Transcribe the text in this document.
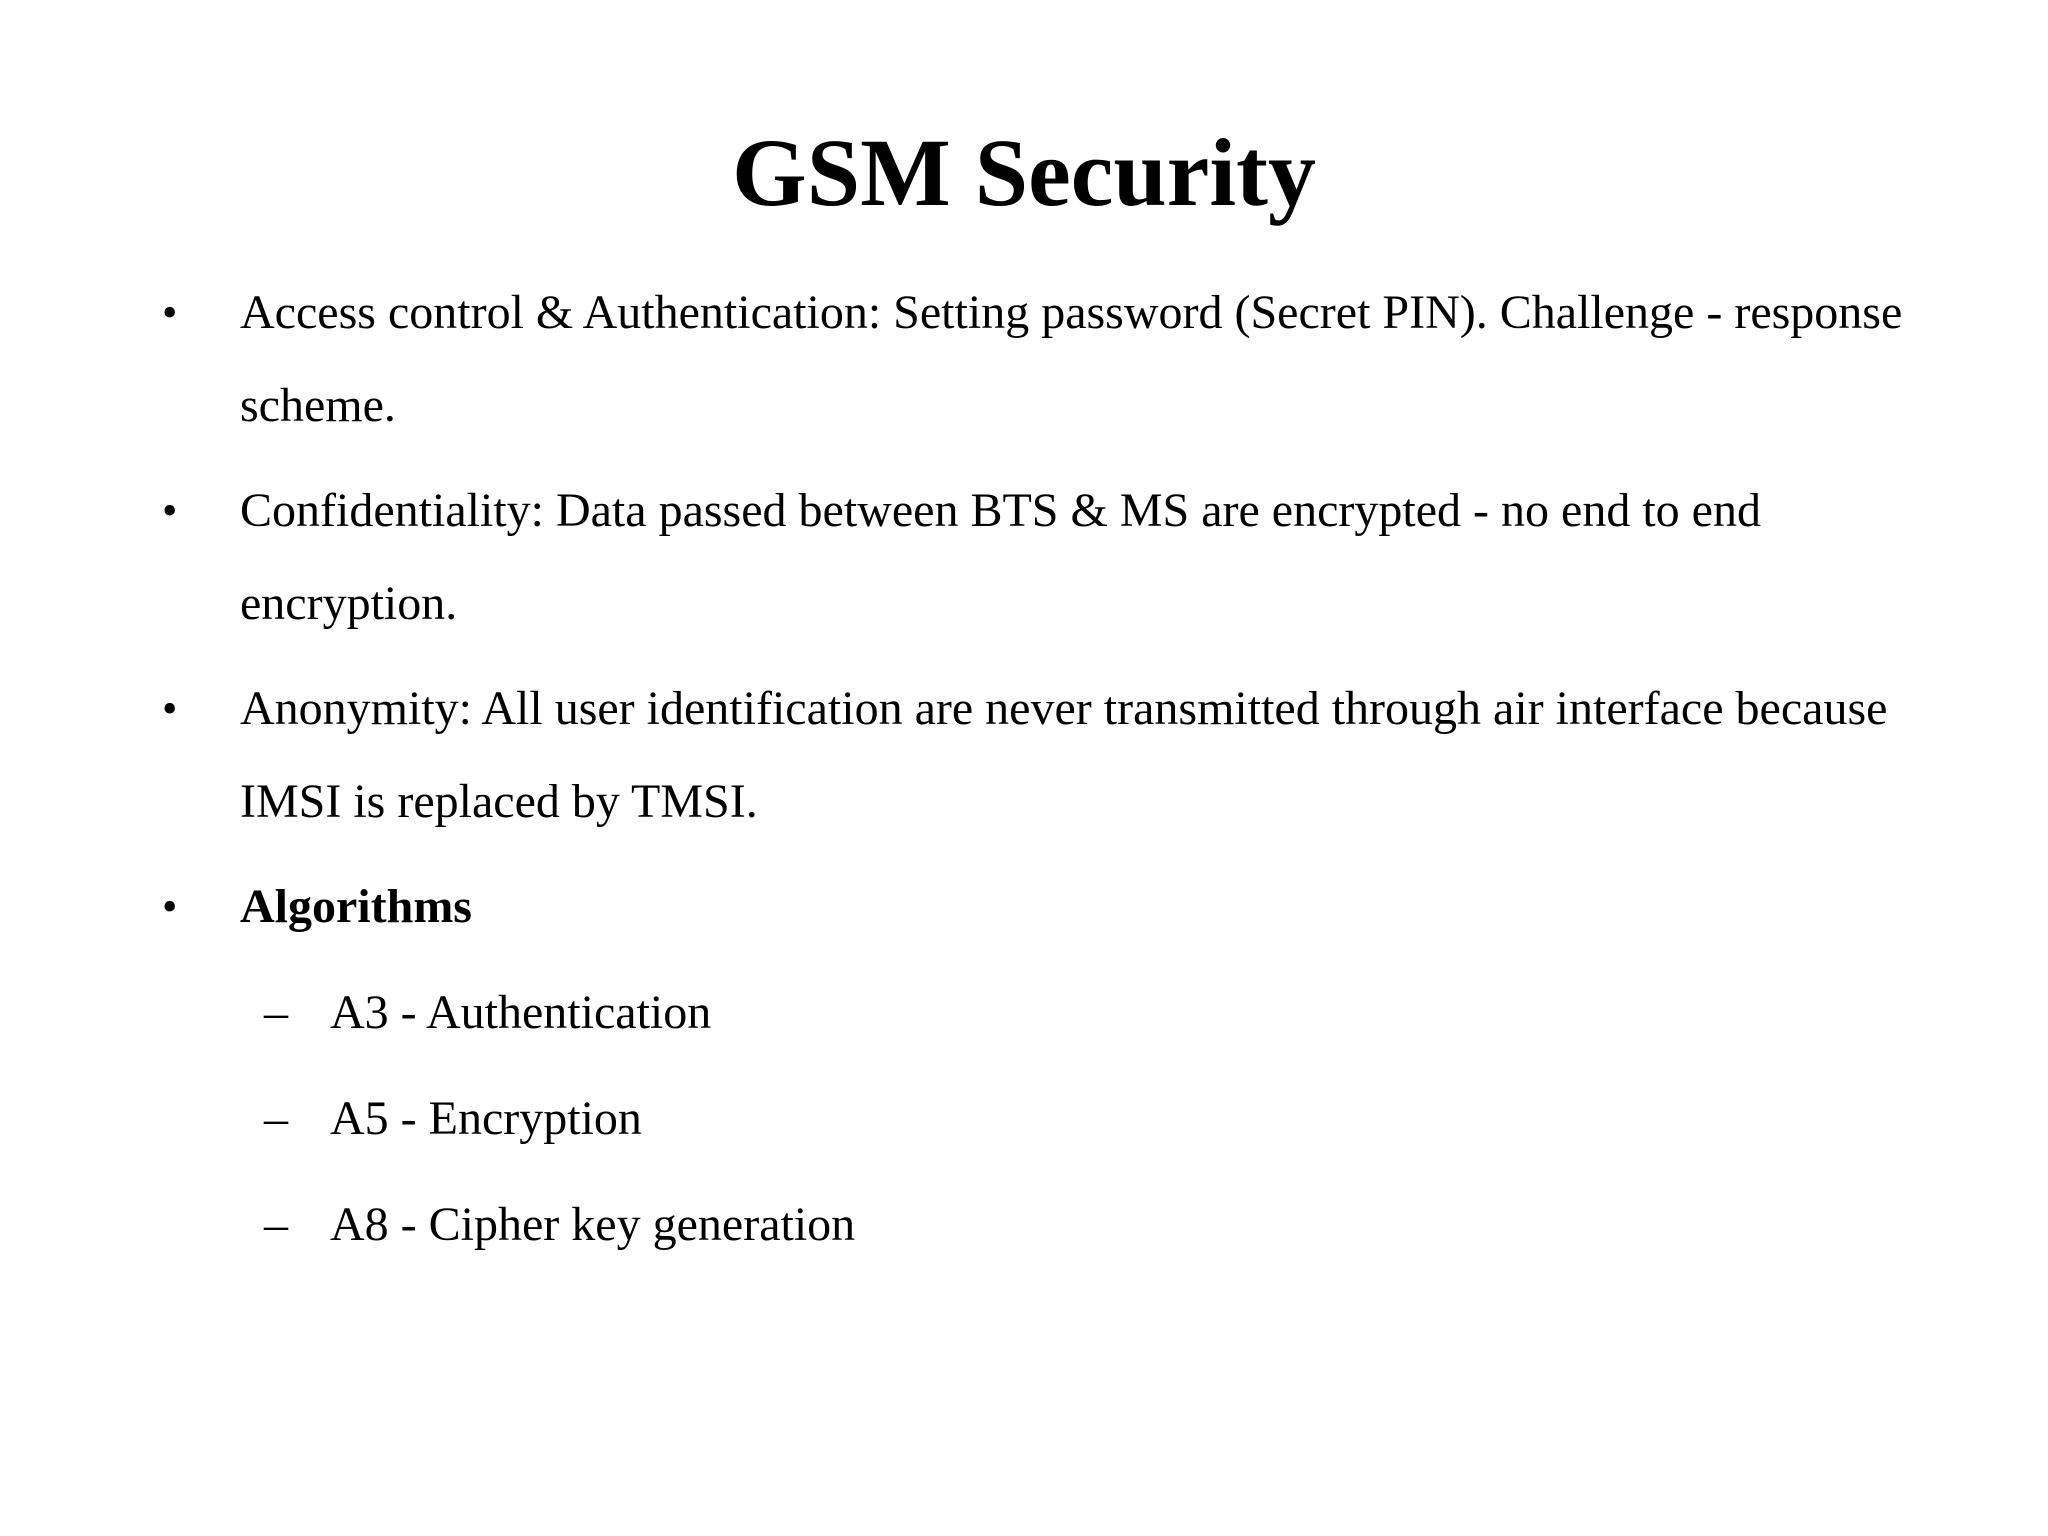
GSM Security
• Access control & Authentication: Setting password (Secret PIN). Challenge - response scheme.
• Confidentiality: Data passed between BTS & MS are encrypted - no end to end encryption.
• Anonymity: All user identification are never transmitted through air interface because IMSI is replaced by TMSI.
• Algorithms
– A3 - Authentication
– A5 - Encryption
– A8 - Cipher key generation
